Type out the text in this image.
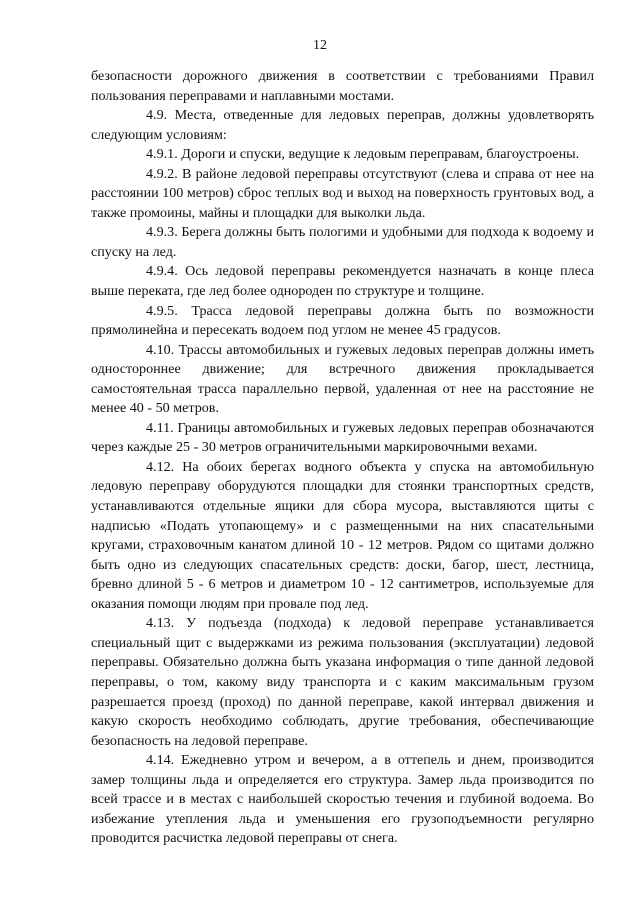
12

безопасности дорожного движения в соответствии с требованиями Правил пользования переправами и наплавными мостами.

4.9. Места, отведенные для ледовых переправ, должны удовлетворять следующим условиям:

4.9.1. Дороги и спуски, ведущие к ледовым переправам, благоустроены.

4.9.2. В районе ледовой переправы отсутствуют (слева и справа от нее на расстоянии 100 метров) сброс теплых вод и выход на поверхность грунтовых вод, а также промоины, майны и площадки для выколки льда.

4.9.3. Берега должны быть пологими и удобными для подхода к водоему и спуску на лед.

4.9.4. Ось ледовой переправы рекомендуется назначать в конце плеса выше переката, где лед более однороден по структуре и толщине.

4.9.5. Трасса ледовой переправы должна быть по возможности прямолинейна и пересекать водоем под углом не менее 45 градусов.

4.10. Трассы автомобильных и гужевых ледовых переправ должны иметь одностороннее движение; для встречного движения прокладывается самостоятельная трасса параллельно первой, удаленная от нее на расстояние не менее 40 - 50 метров.

4.11. Границы автомобильных и гужевых ледовых переправ обозначаются через каждые 25 - 30 метров ограничительными маркировочными вехами.

4.12. На обоих берегах водного объекта у спуска на автомобильную ледовую переправу оборудуются площадки для стоянки транспортных средств, устанавливаются отдельные ящики для сбора мусора, выставляются щиты с надписью «Подать утопающему» и с размещенными на них спасательными кругами, страховочным канатом длиной 10 - 12 метров. Рядом со щитами должно быть одно из следующих спасательных средств: доски, багор, шест, лестница, бревно длиной 5 - 6 метров и диаметром 10 - 12 сантиметров, используемые для оказания помощи людям при провале под лед.

4.13. У подъезда (подхода) к ледовой переправе устанавливается специальный щит с выдержками из режима пользования (эксплуатации) ледовой переправы. Обязательно должна быть указана информация о типе данной ледовой переправы, о том, какому виду транспорта и с каким максимальным грузом разрешается проезд (проход) по данной переправе, какой интервал движения и какую скорость необходимо соблюдать, другие требования, обеспечивающие безопасность на ледовой переправе.

4.14. Ежедневно утром и вечером, а в оттепель и днем, производится замер толщины льда и определяется его структура. Замер льда производится по всей трассе и в местах с наибольшей скоростью течения и глубиной водоема. Во избежание утепления льда и уменьшения его грузоподъемности регулярно проводится расчистка ледовой переправы от снега.
